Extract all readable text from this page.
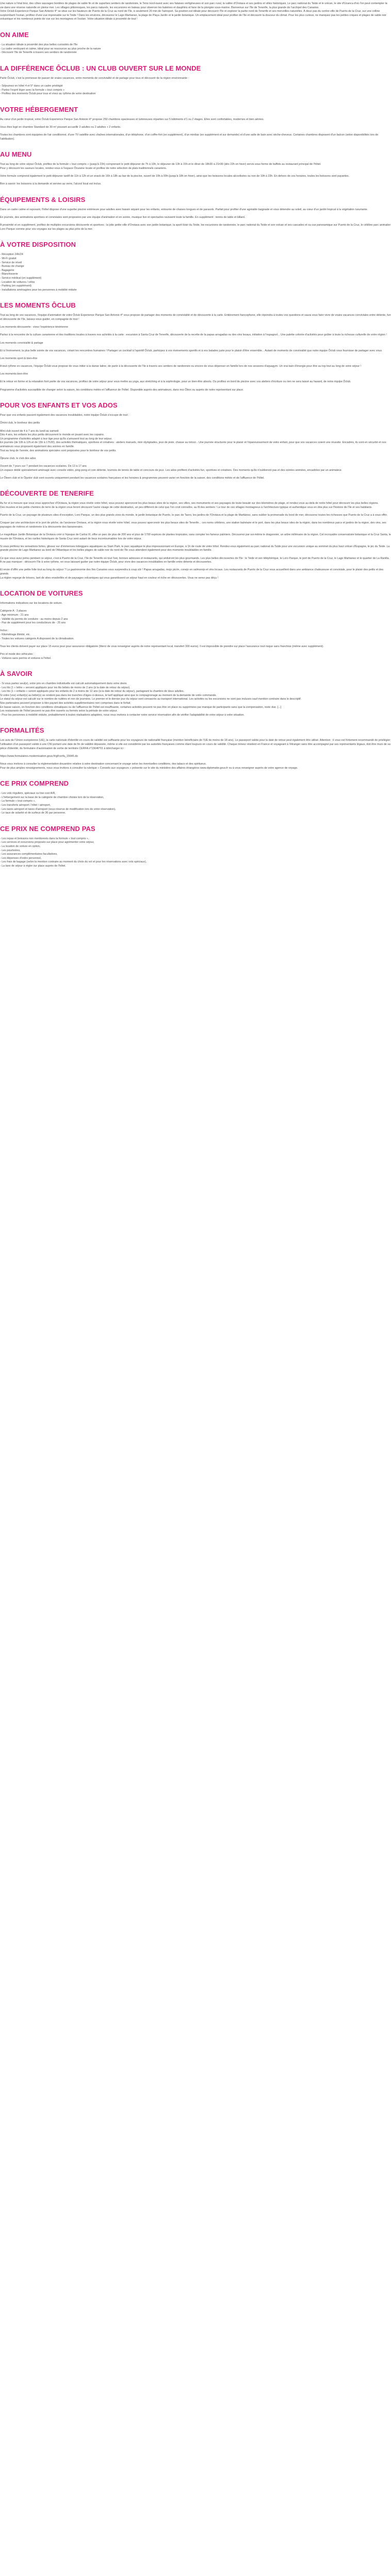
Une nature à l'état brut, des côtes sauvages bordées de plages de sable fin et de superbes sentiers de randonnée, le Teno nord-ouest avec ses falaises vertigineuses et son parc rural, la vallée d'Orotava et ses jardins et villes historiques. Le parc national du Teide et le volcan, le site d'Ucanca d'où l'on peut contempler la vie dans une réserve naturelle en pleine mer. Les villages pittoresques, les parcs naturels, les excursions en bateau pour observer les baleines et dauphins et faire de la plongée sous-marine. Bienvenue sur l'île de Tenerife, la plus grande de l'archipel des Canaries.
Votre Oclub Experience Parque San Antonio 4* se situe sur les hauteurs de Puerto de la Cruz au nord de l'île, à seulement 20 min de l'aéroport. Sa position est idéale pour découvrir l'île et explorer la partie nord de Tenerife et ses merveilles naturelles. À deux pas du centre-ville de Puerto de la Cruz, sur une colline surplombant l'océan, profitez d'une vue imprenable sur le Teide ! Dans les environs, découvrez le Lago Martianez, la plage de Playa Jardín et le jardin botanique. Un emplacement idéal pour profiter de l'île et découvrir la douceur du climat. Pour les plus curieux, ne manquez pas les petites criques et plages de sable noir volcanique et les nombreux points de vue sur les montagnes et l'océan. Votre situation idéale à proximité de tout !

ON AIME

- La situation idéale à proximité des plus belles curiosités de l'île
- La cadre verdoyant et calme, idéal pour se ressourcer au plus proche de la nature
- Découvrir l'île de Tenerife à travers ses sentiers de randonnée

LA DIFFÉRENCE ÔCLUB : UN CLUB OUVERT SUR LE MONDE

Partir Ôclub, c'est la promesse de passer de vraies vacances, entre moments de convivialité et de partage pour tous et découvrir de la région environnante :

- Séjournez en hôtel 4 et 5* dans un cadre privilégié
- Partez l'esprit léger avec la formule « tout compris »
- Profitez des moments Ôclub pour tous et vivez au rythme de votre destination

VOTRE HÉBERGEMENT

Au cœur d'un jardin tropical, votre Ôclub Experience Parque San Antonio 4* propose 250 chambres spacieuses et lumineuses réparties sur 5 bâtiments d'1 ou 2 étages. Elles sont confortables, modernes et bien aérées.

Vous êtes logé en chambre Standard de 30 m² pouvant accueillir 3 adultes ou 2 adultes + 2 enfants.

Toutes les chambres sont équipées de l'air conditionné, d'une TV satellite avec chaînes internationales, d'un téléphone, d'un coffre-fort (en supplément), d'un minibar (en supplément et sur demande) et d'une salle de bain avec sèche-cheveux. Certaines chambres disposent d'un balcon (selon disponibilités lors de l'attribution).

AU MENU

Tout au long de votre séjour Ôclub, profitez de la formule « tout compris » (jusqu'à 23h) comprenant le petit déjeuner de 7h à 10h, le déjeuner de 13h à 15h et le dîner de 18h30 à 21h30 (dès 22h en hiver) servis sous forme de buffets au restaurant principal de l'hôtel.
Pour y découvrir les saveurs locales, rendez-vous à l'espace Ôcuisine locale et profitez de notre sélection de plats traditionnels canariens.

Votre formule comprend également le petit déjeuner tardif de 11h à 12h et un snack de 16h à 18h au bar de la piscine, ouvert de 10h à 00h (jusqu'à 18h en hiver), ainsi que les boissons locales alcoolisées ou non de 10h à 23h. En dehors de ces horaires, toutes les boissons sont payantes.

Bon à savoir: les boissons à la demande et servies au verre, l'alcool local est inclus.

ÉQUIPEMENTS & LOISIRS

Dans un cadre calme et reposant, l'hôtel dispose d'une superbe piscine extérieure pour adultes avec bassin séparé pour les enfants, entourée de chaises longues et de parasols. Parfait pour profiter d'une agréable baignade et vous détendre au soleil, au cœur d'un jardin tropical à la végétation luxuriante.

En journée, des animations sportives et conviviales sont proposées par une équipe d'animation et en soirée, musique live et spectacles ravissent toute la famille. En supplément : tennis de table et billard.

À proximité et en supplément, profitez de multiples excursions découverte et sportives : la jolie petite ville d'Orotava avec son jardin botanique, la sport-loisir du Teide, les excursions de randonnée, le parc national du Teide et son volcan et ses cascades et sa vue panoramique sur Puerto de la Cruz, le célèbre parc animalier Loro Parque comme pour vos voyages sur les plages au plus près de la mer.

À VOTRE DISPOSITION

- Réception 24h/24
- Wi-Fi gratuit
- Service de réveil
- Bureau de change
- Bagagerie
- Blanchisserie
- Service médical (en supplément)
- Location de voitures / vélos
- Parking (en supplément)
- Installations aménagées pour les personnes à mobilité réduite

LES MOMENTS ÔCLUB

Tout au long de vos vacances, l'équipe d'animation de votre Ôclub Experience Parque San Antonio 4* vous propose de partager des moments de convivialité et de découverte à la carte. Entièrement francophone, elle répondra à toutes vos questions et saura vous faire vivre de vraies vacances conviviales entre détente, fun et découverte de l'île, laissez-vous guider, en compagnie de tout !

Les moments découverte : vivez l'expérience ténérienne

Partez à la rencontre de la culture canarienne et des traditions locales à travers nos activités à la carte : excursion à Santa Cruz de Tenerife, découverte de la recette de la papas arrugadas ou des vins locaux, initiation à l'espagnol... Une palette colorée d'activités pour goûter à toute la richesse culturelle de votre région !

Les moments convivialité & partage

Et à l'évènement, la plus belle soirée de vos vacances, créant les rencontres humaines ! Partager un cocktail à l'apéritif Ôclub, participez à vos événements sportifs et à vos balades juste pour le plaisir d'être ensemble... Autant de moments de convivialité que notre équipe Ôclub vous fournisse de partager avec vous.

Les moments sport & bien-être

A tout rythme en vacances, l'équipe Ôclub vous propose de vous initier à la danse latine, de partir à la découverte de l'île à travers ses sentiers de randonnée ou encore de vous dépenser en famille lors de nos sessions d'aquagym. Un vrai bain d'énergie pour être au top tout au long de votre séjour !

Les moments bien-être

Et le retour en forme et la relaxation font partie de vos vacances, profitez de votre séjour pour vous mettre au yoga, aux stretching et à la sophrologie, pour un bien-être absolu. Ou profitez en bord de piscine avec vos ateliers d'écriture ou rien ne sera laissé au hasard, de notre équipe Ôclub.

Programme d'activités susceptible de changer selon la saison, les conditions météo et l'affluence de l'hôtel. Disponible auprès des animateurs, dans nos Ôbox ou auprès de notre représentant sur place.

POUR VOS ENFANTS ET VOS ADOS

Pour que vos enfants passent également des vacances inoubliables, notre équipe Ôclub s'occupe de tout :

Ômini club, le bonheur des petits

Mini club ouvert de 4 à 7 ans du lundi au samedi
Dès 4 ans, les enfants les plus petits découvrent le monde en jouant avec les copains.
Un programme d'activités adapté à leur âge pour qu'ils s'amusent tout au long de leur séjour.
En journée (de 10h à 12h et de 15h à 17h30), des activités thématiques, sportives et créatives : ateliers manuels, mini olympiades, jeux de piste, chasse au trésor... Une journée structurée pour le plaisir et l'épanouissement de votre enfant, pour que vos vacances soient une réussite. Encadrés, ils sont en sécurité et nos animateurs vous proposent également des soirées en famille.
Tout au long de l'année, des animations spéciales sont proposées pour le bonheur de vos petits.

Ôjeune club, le club des ados

Ouvert de 7 jours sur 7 pendant les vacances scolaires. De 13 à 17 ans
Un espace dédié spécialement aménagé avec console vidéo, ping-pong et coin détente, tournois de tennis de table et concours de jeux. Les ados profitent d'activités fun, sportives et créatives. Des moments qu'ils n'oublieront pas et des soirées animées, encadrées par un animateur.

Le Ôteen club et le Ôjunior club sont ouverts uniquement pendant les vacances scolaires françaises et les horaires & programmes peuvent varier en fonction de la saison, des conditions météo et de l'affluence de l'hôtel.

DÉCOUVERTE DE TENERIFE

Au fur et à mesure que vous vous approchez d'Orotava, la région vous révèle votre hôtel, vous pouvez apercevoir les plus beaux sites de la région, ses villes, ses monuments et ses paysages de toute beauté sur des kilomètres de plage, et rendez-vous au-delà de notre hôtel pour découvrir les plus belles régions.
Des musées et les petits chemins de terre de la région vous feront découvrir l'autre visage de cette destination, un peu différent de celui que l'on croit connaître, au fil des sentiers ! Le tour de ces villages montagneux à l'architecture typique et authentique vous en dira plus sur l'histoire de l'île et ses habitants.

Puerto de la Cruz, un paysage de plusieurs sites d'exception, Loro Parque, un des plus grands zoos du monde, le jardin botanique de Puerto, le parc de Taoro, les jardins de l'Orotava et la plage de Martiánez, sans oublier la promenade du bord de mer, découvrez toutes les richesses que Puerto de la Cruz a à vous offrir.

Croquer par une architecture et le port de pêche, de l'ancienne Orotava, et la région vous révèle votre hôtel, vous pouvez apercevoir les plus beaux sites de Tenerife... ces noms célèbres, une station balnéaire et le port, dans les plus beaux sites de la région, dans les nombreux parcs et jardins de la région, des vins, ses paysages de rivières et randonnée à la découverte des bananeraies.

Le magnifique Jardin Botanique de la Orotava créé à l'époque de Carlos III, offre un parc de plus de 200 ans et plus de 1700 espèces de plantes tropicales, sans compter les fameux palmiers. Découvrez par soi-même le dragonnier, un arbre millénaire de la région. Cet incroyable conservatoire botanique et la Cruz Santa, le musée de l'Orotava, et les ruelles historiques de Santa Cruz sont autant de lieux incontournables lors de votre séjour.

Si vous préférez les sensations fortes, glissez sur d'immenses toboggans aquatiques au Siam Park, le parc aquatique le plus impressionnant en Europe, à 1h de route de votre hôtel. Rendez-vous également au parc national du Teide pour une excursion unique au sommet du plus haut volcan d'Espagne, le pic du Teide. La grande piscine de Lago Martianez au bord de l'Atlantique et les belles plages de sable noir du nord de l'île vous attendent également pour des moments inoubliables en famille.

Ce que vous avez prévu pendant ce séjour, c'est à Puerto de la Cruz, l'île de Tenerife où tout l'est, bonnes adresses et restaurants, qui séduiront les plus gourmands. Les plus belles découvertes de l'île : le Teide et son téléphérique, le Loro Parque, le port de Puerto de la Cruz, le Lago Martianez et le quartier de La Ranilla. À ne pas manquer : découvrir l'île à votre rythme, en vous laissant guider par notre équipe Ôclub, pour vivre des vacances inoubliables en famille entre détente et découvertes.

Et envie d'offrir une petite folie tout au long du séjour ? La gastronomie des îles Canaries vous surprendra à coup sûr ! Papas arrugadas, mojo picón, conejo en salmorejo et vins locaux. Les restaurants de Puerto de la Cruz vous accueillent dans une ambiance chaleureuse et conviviale, pour le plaisir des petits et des grands.
La région regorge de trésors, tant de sites ensoleillés et de paysages volcaniques qui vous garantissent un séjour haut en couleur et riche en découvertes. Vous ne serez pas déçu !

LOCATION DE VOITURES

Informations indicatives sur les locations de voiture.

Catégorie A : 3 places
- Age minimum : 21 ans
- Validité du permis de conduire : au moins depuis 2 ans
- Pas de supplément pour les conducteurs de - 25 ans

Inclus :
- Kilométrage illimité, etc.
- Toutes les voitures catégorie A disposent de la climatisation.

Tous les clients doivent payer sur place 15 euros pour pour assurance obligatoire (Merci de vous renseigner auprès de notre représentant local, transfert 300 euros). Il est impossible de prendre sur place l'assurance tout risque sans franchise (même avec supplément).

Prix et mode des véhicules :
- Voitures sans permis et voitures à l'hôtel.

À SAVOIR

- Si vous partez seul(e), votre prix en chambre individuelle est calculé automatiquement dans votre devis.
- Les lits (1 « lettre » servent appliqués pour les lits bébés de moins de 2 ans (à la date de retour du séjour).
- Les lits (1 « enfants » seront appliqués pour les enfants de 2 à moins de 12 ans (à la date de retour du séjour), partageant la chambre de deux adultes.
Si votre (vos) enfant(s) au bébé(s) se rendent pas dans les tranches d'âges ci-dessus, le tarif appliqué ainsi que le compagnonage au moment de la demande de votre commande.
Le statut du séjour est calculé sur le nombre de nuitées et non de journées. Le premier et le dernier jour du séjour sont consacrés au transport international. Les activités ou les excursions ne sont pas incluses sauf mention contraire dans le descriptif.
Nos partenaires peuvent proposer à titre payant des activités supplémentaires non comprises dans le forfait.
En basse saison, en fonction des conditions climatiques ou de l'affluence de l'hôtel est insuffisante, certaines activités peuvent ne pas être en place ou supprimées par manque de participants sans que la compensation, reste due. [...]
Les restaurants de l'hôtel peuvent ne pas être ouverts ou fermés selon la période de votre séjour.
- Pour les personnes à mobilité réduite, probablement à toutes réalisations adaptées, nous vous invitons à contacter notre service réservation afin de vérifier l'adaptabilité de votre séjour à votre situation.

FORMALITÉS

Les avis de l'Union européenne (UE), la carte nationale d'identité en cours de validité est suffisante pour les voyageurs de nationalité française (mention bénéficiaire de l'UE de moins de 18 ans). Le passeport valide pour la date de retour peut également être utilisé. Attention : il vous est fortement recommandé de privilégier l'utilisation d'un passeport valide à une CNI portant une date de fin de validité dépassée, même si elle est considérée par les autorités françaises comme étant toujours en cours de validité. Chaque mineur résident en France et voyageant à l'étranger sans être accompagné par ses représentants légaux, doit être muni de sa pièce d'identité, du formulaire d'autorisation de sortie de territoire CERFA n°15646*01 à télécharger ici :

https://www.formulaires.modernisation.gouv.fr/gf/cerfa_15646.do

Nous vous invitons à consulter la réglementation douanière relative à votre destination concernant le voyage selon les éventuelles conditions, des tabacs et des spiritueux.
Pour de plus amples renseignements, nous vous invitons à consulter la rubrique « Conseils aux voyageurs » présente sur le site du ministère des affaires étrangères www.diplomatie.gouv.fr ou à vous renseigner auprès de votre agence de voyage.

CE PRIX COMPREND

- Les vols réguliers, spéciaux ou low cost A/R,
- L'hébergement sur la base de la catégorie de chambre choisie lors de la réservation,
- La formule « tout compris »,
- Les transferts aéroport / hôtel / aéroport,
- Les taxes aéroport et taxes d'aéroport (sous réserve de modification lors de votre réservation),
- Le taux de solarité et de surfeux de 36 par personne.

CE PRIX NE COMPREND PAS

- Les repas et boissons non mentionnés dans la formule « tout compris »,
- Les services et excursions proposés sur place pour agrémenter votre séjour,
- La location de voiture en option,
- Les pourboires,
- Les assurances complémentaires facultatives,
- Les dépenses d'ordre personnel,
- Les frais de bagage (selon la mention contraire au moment du choix du vol et pour les réservations avec vols spéciaux),
- La taxe de séjour à régler sur place auprès de l'hôtel.
